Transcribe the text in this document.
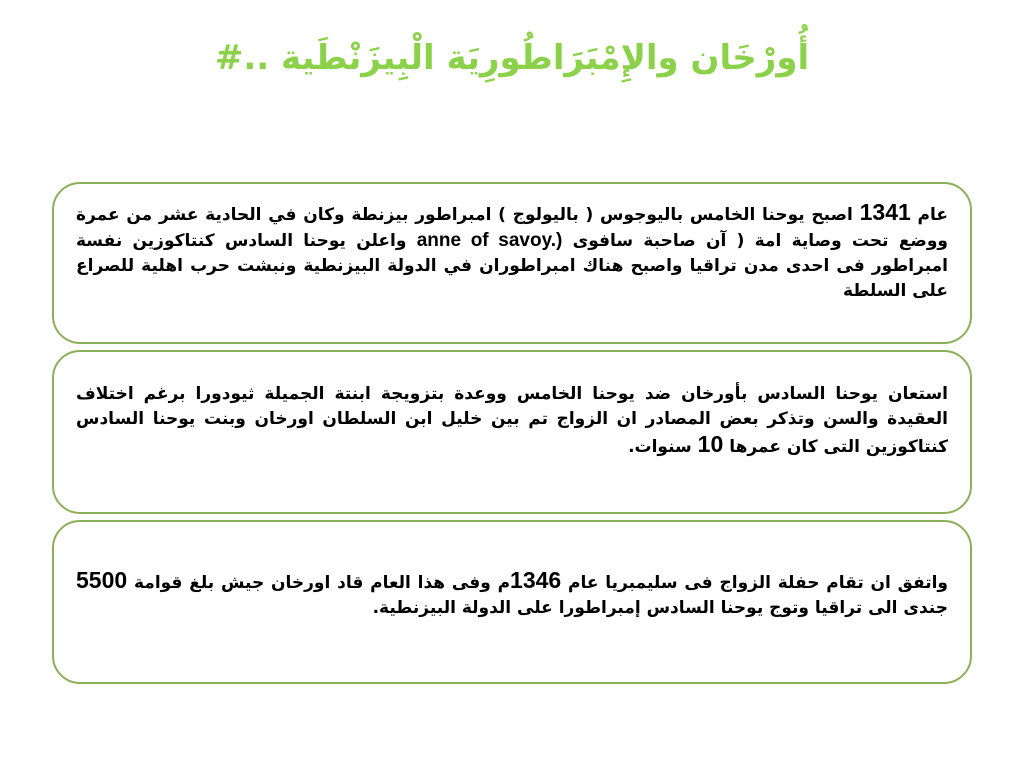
أُورْخَان والإِمْبَرَاطُورِيَة الْبِيزَنْطَية ..#

عام 1341 اصبح يوحنا الخامس باليوجوس ( باليولوج ) امبراطور بيزنطة وكان في الحادية عشر من عمرة ووضع تحت وصاية امة ( آن صاحبة سافوى anne of savoy.) واعلن يوحنا السادس كنتاكوزين نفسة امبراطور فى احدى مدن تراقيا واصبح هناك امبراطوران في الدولة البيزنطية ونبشت حرب اهلية للصراع على السلطة

استعان يوحنا السادس بأورخان ضد يوحنا الخامس ووعدة بتزويجة ابنتة الجميلة ثيودورا برغم اختلاف العقيدة والسن وتذكر بعض المصادر ان الزواج تم بين خليل ابن السلطان اورخان وبنت يوحنا السادس كنتاكوزين التى كان عمرها 10 سنوات.

واتفق ان تقام حفلة الزواج فى سليمبريا عام 1346م وفى هذا العام قاد اورخان جيش بلغ قوامة 5500 جندى الى تراقيا وتوج يوحنا السادس إمبراطورا على الدولة البيزنطية.
